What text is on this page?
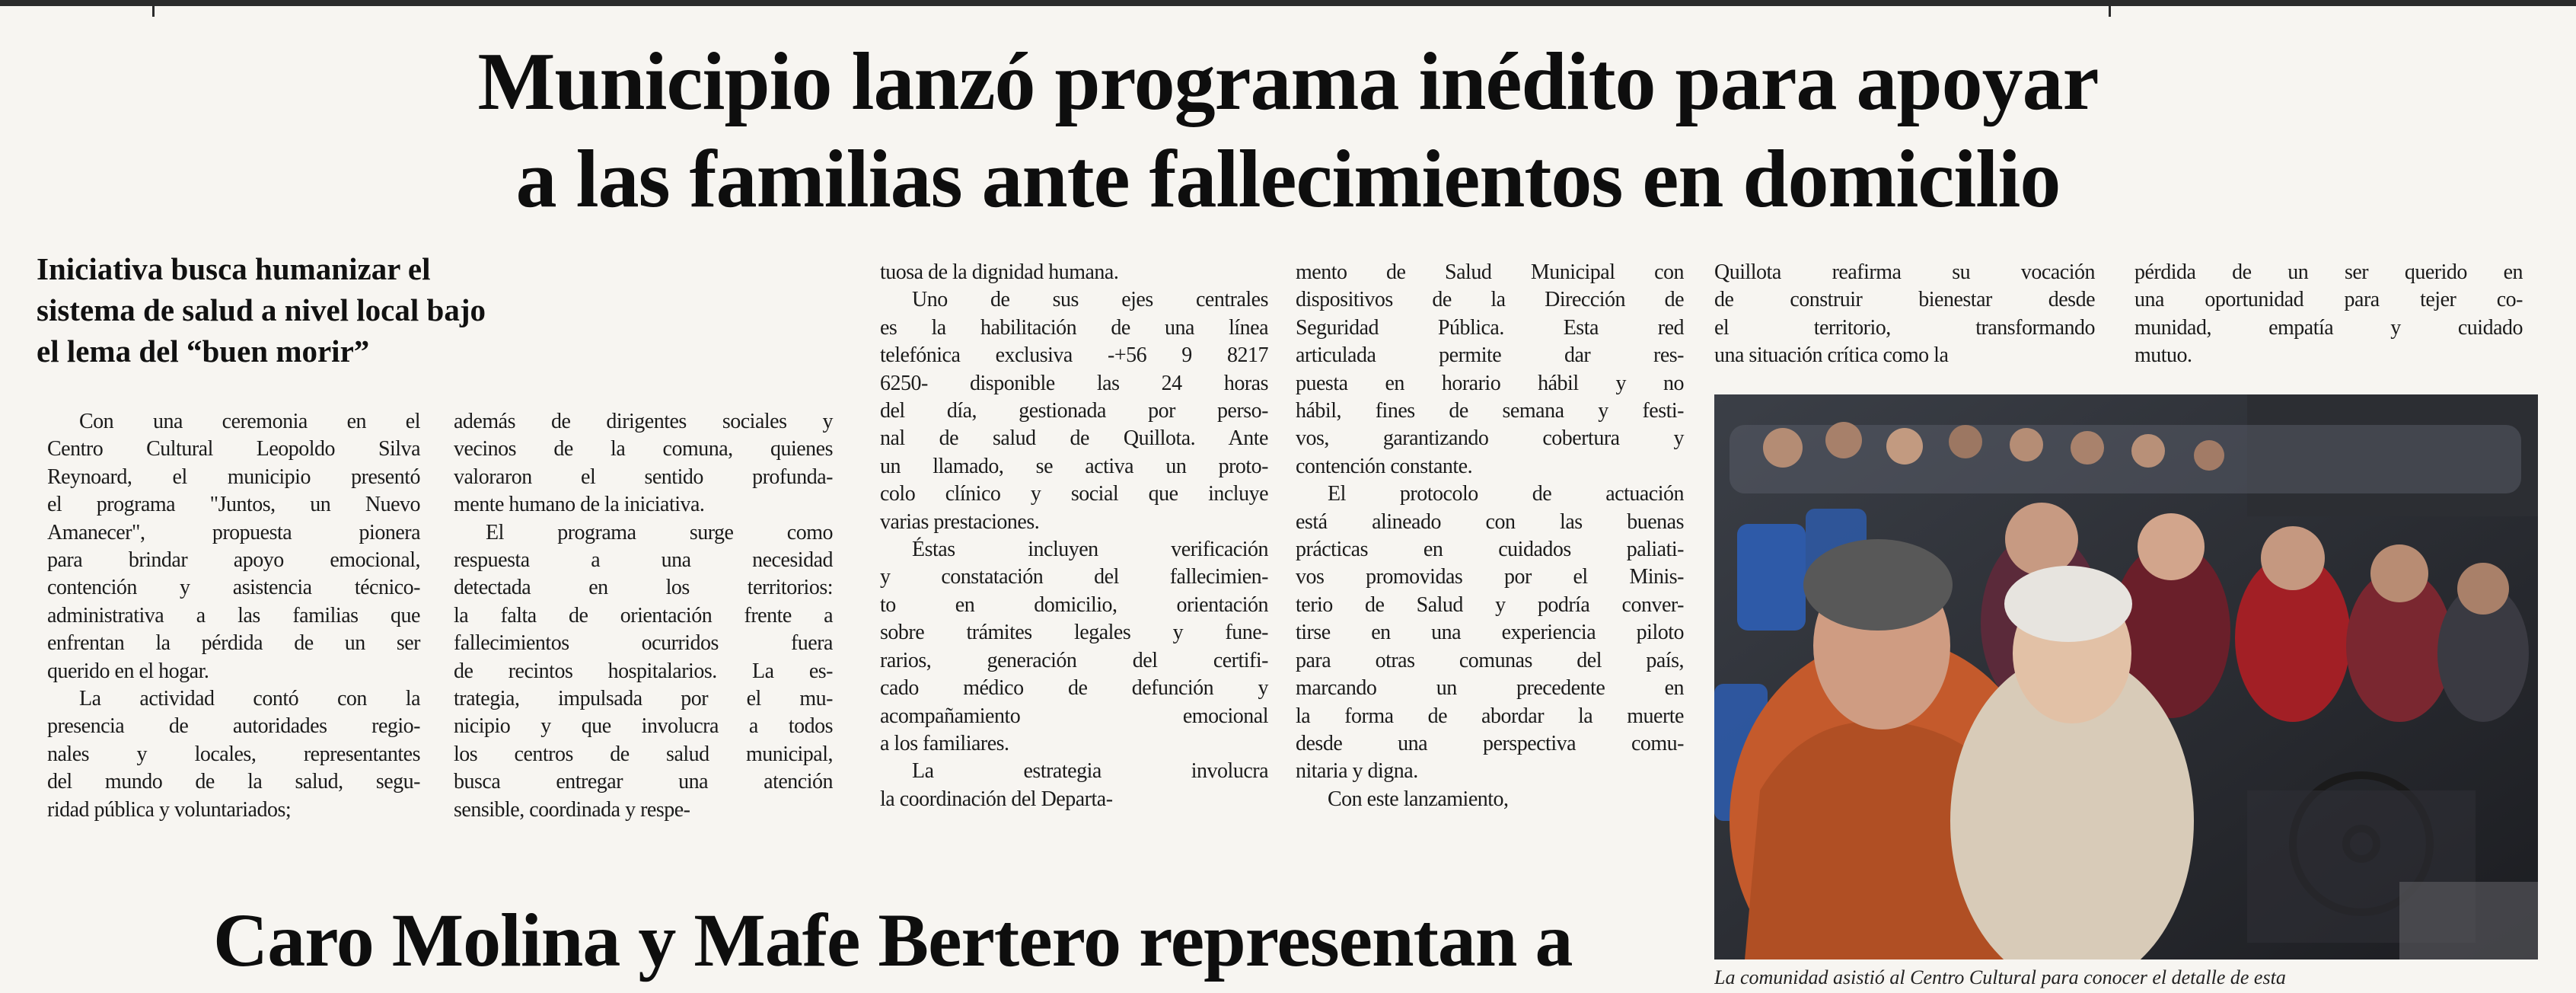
Municipio lanzó programa inédito para apoyar
a las familias ante fallecimientos en domicilio
Iniciativa busca humanizar el
sistema de salud a nivel local bajo
el lema del “buen morir”
Con una ceremonia en el
Centro Cultural Leopoldo Silva
Reynoard, el municipio presentó
el programa "Juntos, un Nuevo
Amanecer", propuesta pionera
para brindar apoyo emocional,
contención y asistencia técnico-
administrativa a las familias que
enfrentan la pérdida de un ser
querido en el hogar.
La actividad contó con la
presencia de autoridades regio-
nales y locales, representantes
del mundo de la salud, segu-
ridad pública y voluntariados;
además de dirigentes sociales y
vecinos de la comuna, quienes
valoraron el sentido profunda-
mente humano de la iniciativa.
El programa surge como
respuesta a una necesidad
detectada en los territorios:
la falta de orientación frente a
fallecimientos ocurridos fuera
de recintos hospitalarios. La es-
trategia, impulsada por el mu-
nicipio y que involucra a todos
los centros de salud municipal,
busca entregar una atención
sensible, coordinada y respe-
tuosa de la dignidad humana.
Uno de sus ejes centrales
es la habilitación de una línea
telefónica exclusiva -+56 9 8217
6250- disponible las 24 horas
del día, gestionada por perso-
nal de salud de Quillota. Ante
un llamado, se activa un proto-
colo clínico y social que incluye
varias prestaciones.
Éstas incluyen verificación
y constatación del fallecimien-
to en domicilio, orientación
sobre trámites legales y fune-
rarios, generación del certifi-
cado médico de defunción y
acompañamiento emocional
a los familiares.
La estrategia involucra
la coordinación del Departa-
mento de Salud Municipal con
dispositivos de la Dirección de
Seguridad Pública. Esta red
articulada permite dar res-
puesta en horario hábil y no
hábil, fines de semana y festi-
vos, garantizando cobertura y
contención constante.
El protocolo de actuación
está alineado con las buenas
prácticas en cuidados paliati-
vos promovidas por el Minis-
terio de Salud y podría conver-
tirse en una experiencia piloto
para otras comunas del país,
marcando un precedente en
la forma de abordar la muerte
desde una perspectiva comu-
nitaria y digna.
Con este lanzamiento,
Quillota reafirma su vocación
de construir bienestar desde
el territorio, transformando
una situación crítica como la
pérdida de un ser querido en
una oportunidad para tejer co-
munidad, empatía y cuidado
mutuo.
La comunidad asistió al Centro Cultural para conocer el detalle de esta
Caro Molina y Mafe Bertero representan a
